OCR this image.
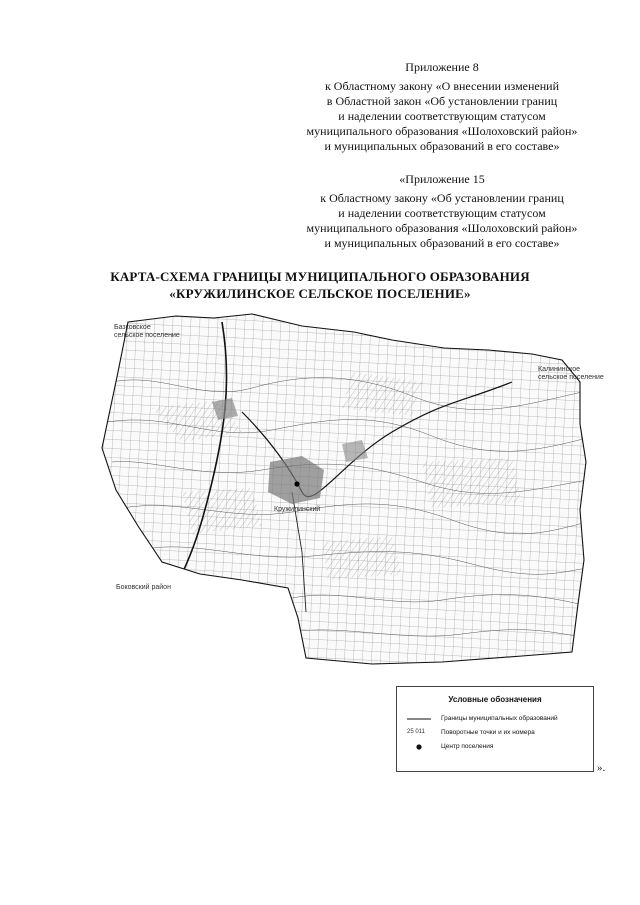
Приложение 8
к Областному закону «О внесении изменений
в Областной закон «Об установлении границ
и наделении соответствующим статусом
муниципального образования «Шолоховский район»
и муниципальных образований в его составе»
«Приложение 15
к Областному закону «Об установлении границ
и наделении соответствующим статусом
муниципального образования «Шолоховский район»
и муниципальных образований в его составе»
КАРТА-СХЕМА ГРАНИЦЫ МУНИЦИПАЛЬНОГО ОБРАЗОВАНИЯ
«КРУЖИЛИНСКОЕ СЕЛЬСКОЕ ПОСЕЛЕНИЕ»
Базковское
сельское поселение
Калининское
сельское поселение
Боковский район
Кружилинский
Условные обозначения
Границы муниципальных образований
25 011	Поворотные точки и их номера
Центр поселения
».
